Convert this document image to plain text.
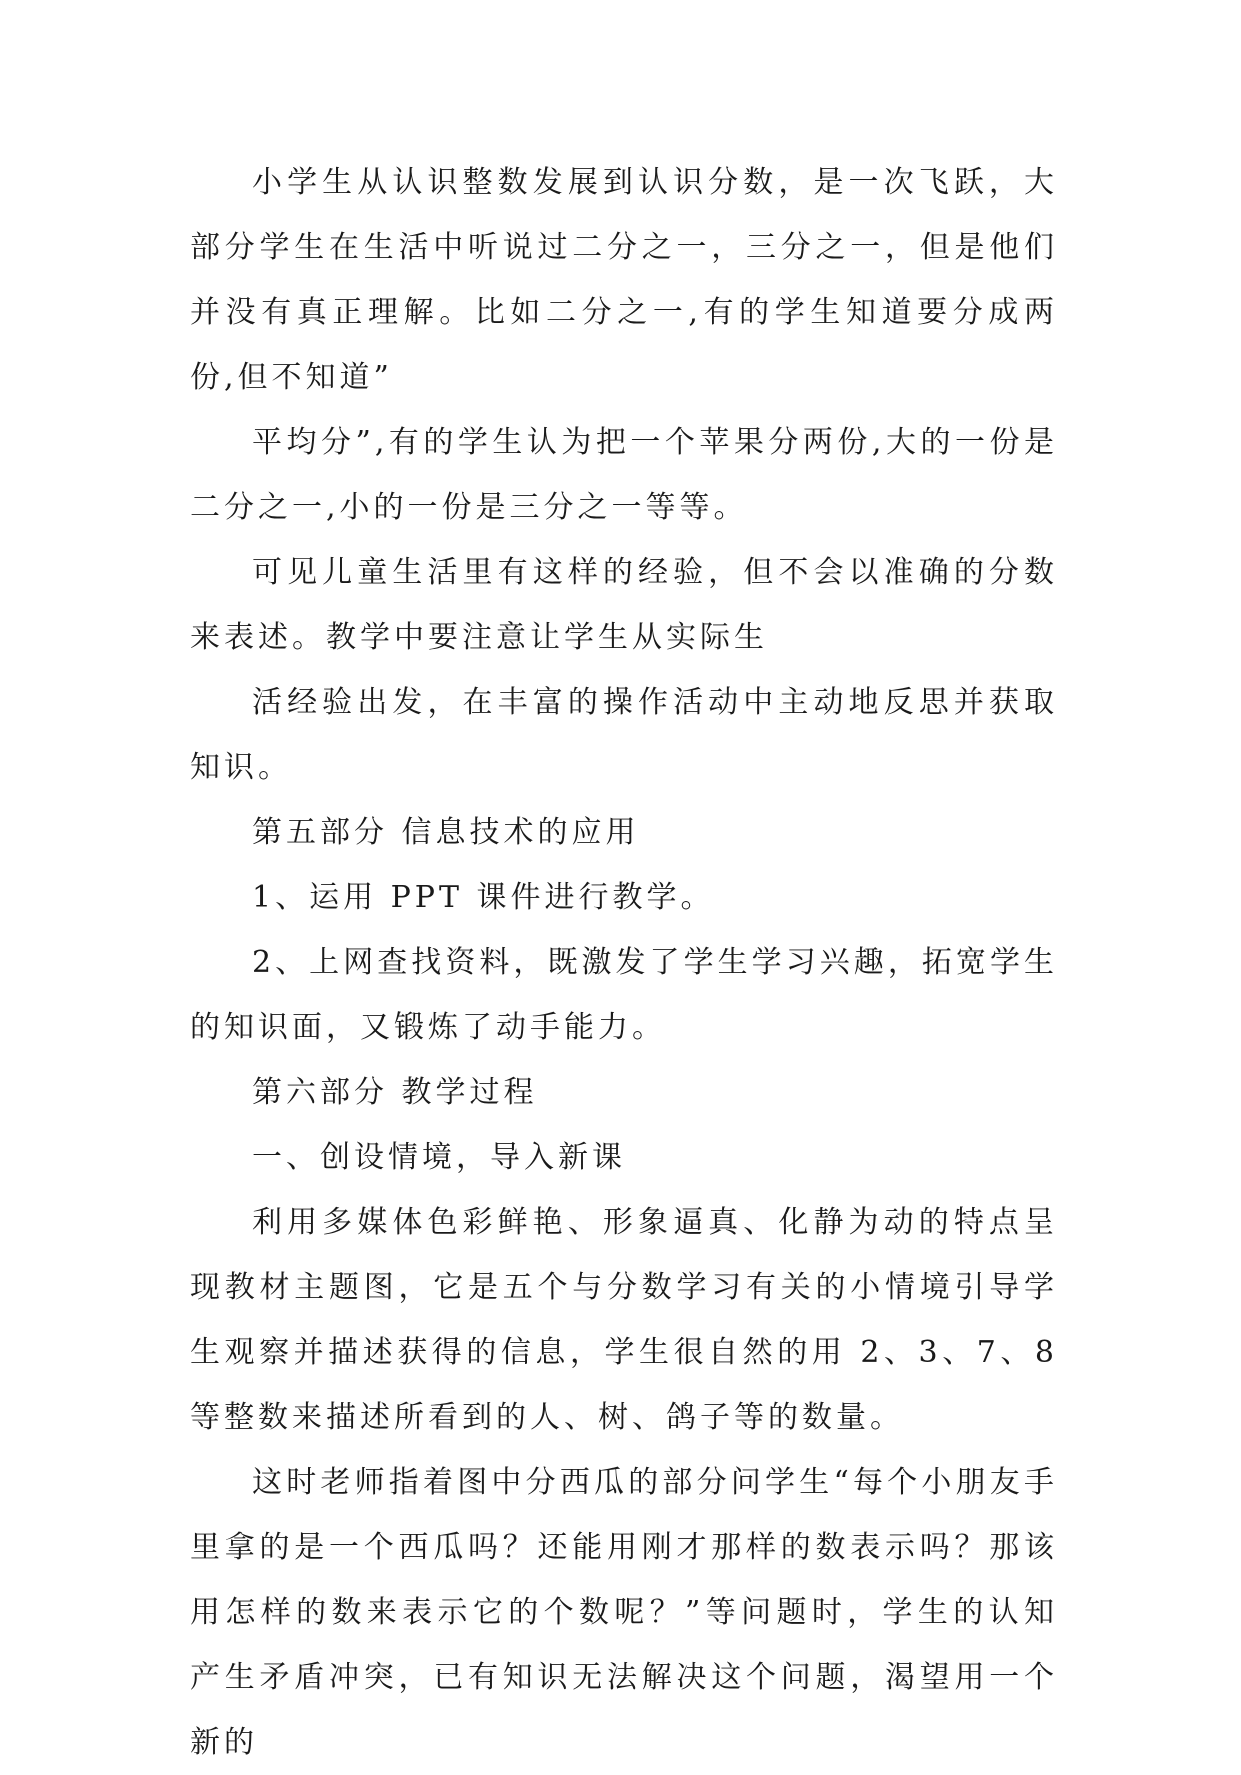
小学生从认识整数发展到认识分数，是一次飞跃，大部分学生在生活中听说过二分之一，三分之一，但是他们并没有真正理解。比如二分之一,有的学生知道要分成两份,但不知道”

平均分”,有的学生认为把一个苹果分两份,大的一份是二分之一,小的一份是三分之一等等。

可见儿童生活里有这样的经验，但不会以准确的分数来表述。教学中要注意让学生从实际生

活经验出发，在丰富的操作活动中主动地反思并获取知识。

第五部分 信息技术的应用

1、运用 PPT 课件进行教学。

2、上网查找资料，既激发了学生学习兴趣，拓宽学生的知识面，又锻炼了动手能力。

第六部分 教学过程

一、创设情境，导入新课

利用多媒体色彩鲜艳、形象逼真、化静为动的特点呈现教材主题图，它是五个与分数学习有关的小情境引导学生观察并描述获得的信息，学生很自然的用 2、3、7、8 等整数来描述所看到的人、树、鸽子等的数量。

这时老师指着图中分西瓜的部分问学生“每个小朋友手里拿的是一个西瓜吗？还能用刚才那样的数表示吗？那该用怎样的数来表示它的个数呢？”等问题时，学生的认知产生矛盾冲突，已有知识无法解决这个问题，渴望用一个新的
